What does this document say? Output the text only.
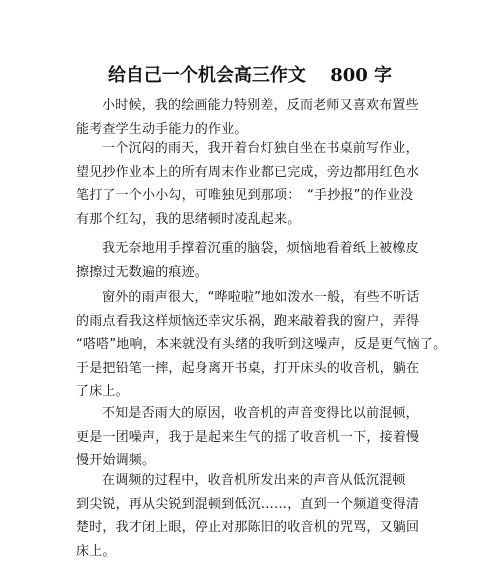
给自己一个机会高三作文　 800 字

小时候，我的绘画能力特别差，反而老师又喜欢布置些
能考查学生动手能力的作业。

一个沉闷的雨天，我开着台灯独自坐在书桌前写作业，
望见抄作业本上的所有周末作业都已完成，旁边都用红色水
笔打了一个小小勾，可唯独见到那项：　“手抄报”的作业没
有那个红勾，我的思绪顿时凌乱起来。

我无奈地用手撑着沉重的脑袋，烦恼地看着纸上被橡皮
擦擦过无数遍的痕迹。

窗外的雨声很大，“哗啦啦”地如泼水一般，有些不听话
的雨点看我这样烦恼还幸灾乐祸，跑来敲着我的窗户，弄得
“嗒嗒”地响，本来就没有头绪的我听到这噪声，反是更气恼了。
于是把铅笔一摔，起身离开书桌，打开床头的收音机，躺在
了床上。

不知是否雨大的原因，收音机的声音变得比以前混顿，
更是一团噪声，我于是起来生气的揺了收音机一下，接着慢
慢开始调频。

在调频的过程中，收音机所发出来的声音从低沉混顿
到尖锐，再从尖锐到混顿到低沉……，直到一个频道变得清
楚时，我才闭上眼，停止对那陈旧的收音机的咒骂，又躺回
床上。
